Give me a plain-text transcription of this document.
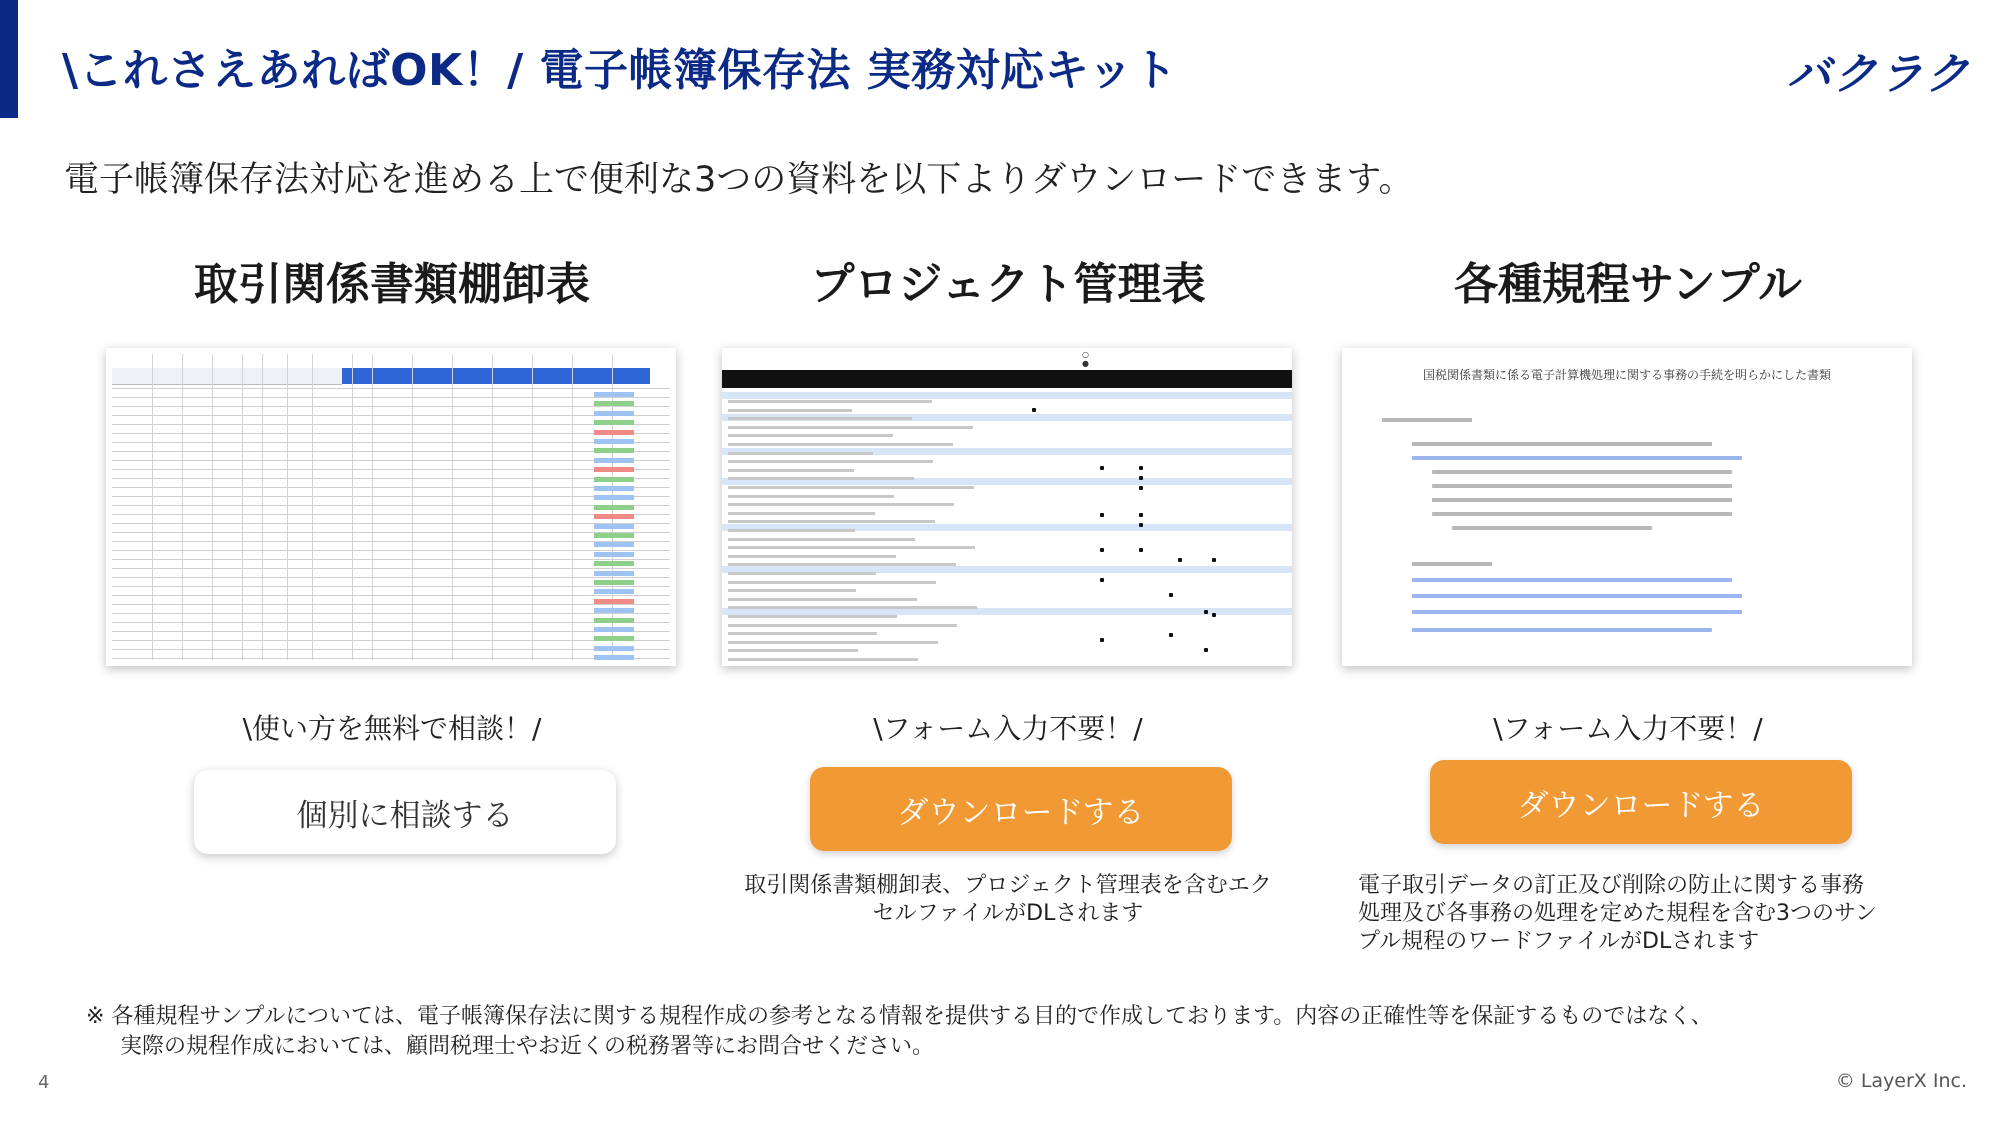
\これさえあればOK！/ 電子帳簿保存法 実務対応キット	バクラク
電子帳簿保存法対応を進める上で便利な3つの資料を以下よりダウンロードできます。
取引関係書類棚卸表
\使い方を無料で相談！/
個別に相談する
プロジェクト管理表
○
●
\フォーム入力不要！/
ダウンロードする
取引関係書類棚卸表、プロジェクト管理表を含むエクセルファイルがDLされます
各種規程サンプル
国税関係書類に係る電子計算機処理に関する事務の手続を明らかにした書類
\フォーム入力不要！/
ダウンロードする
電子取引データの訂正及び削除の防止に関する事務処理及び各事務の処理を定めた規程を含む3つのサンプル規程のワードファイルがDLされます
※ 各種規程サンプルについては、電子帳簿保存法に関する規程作成の参考となる情報を提供する目的で作成しております。内容の正確性等を保証するものではなく、
実際の規程作成においては、顧問税理士やお近くの税務署等にお問合せください。
4	© LayerX Inc.
